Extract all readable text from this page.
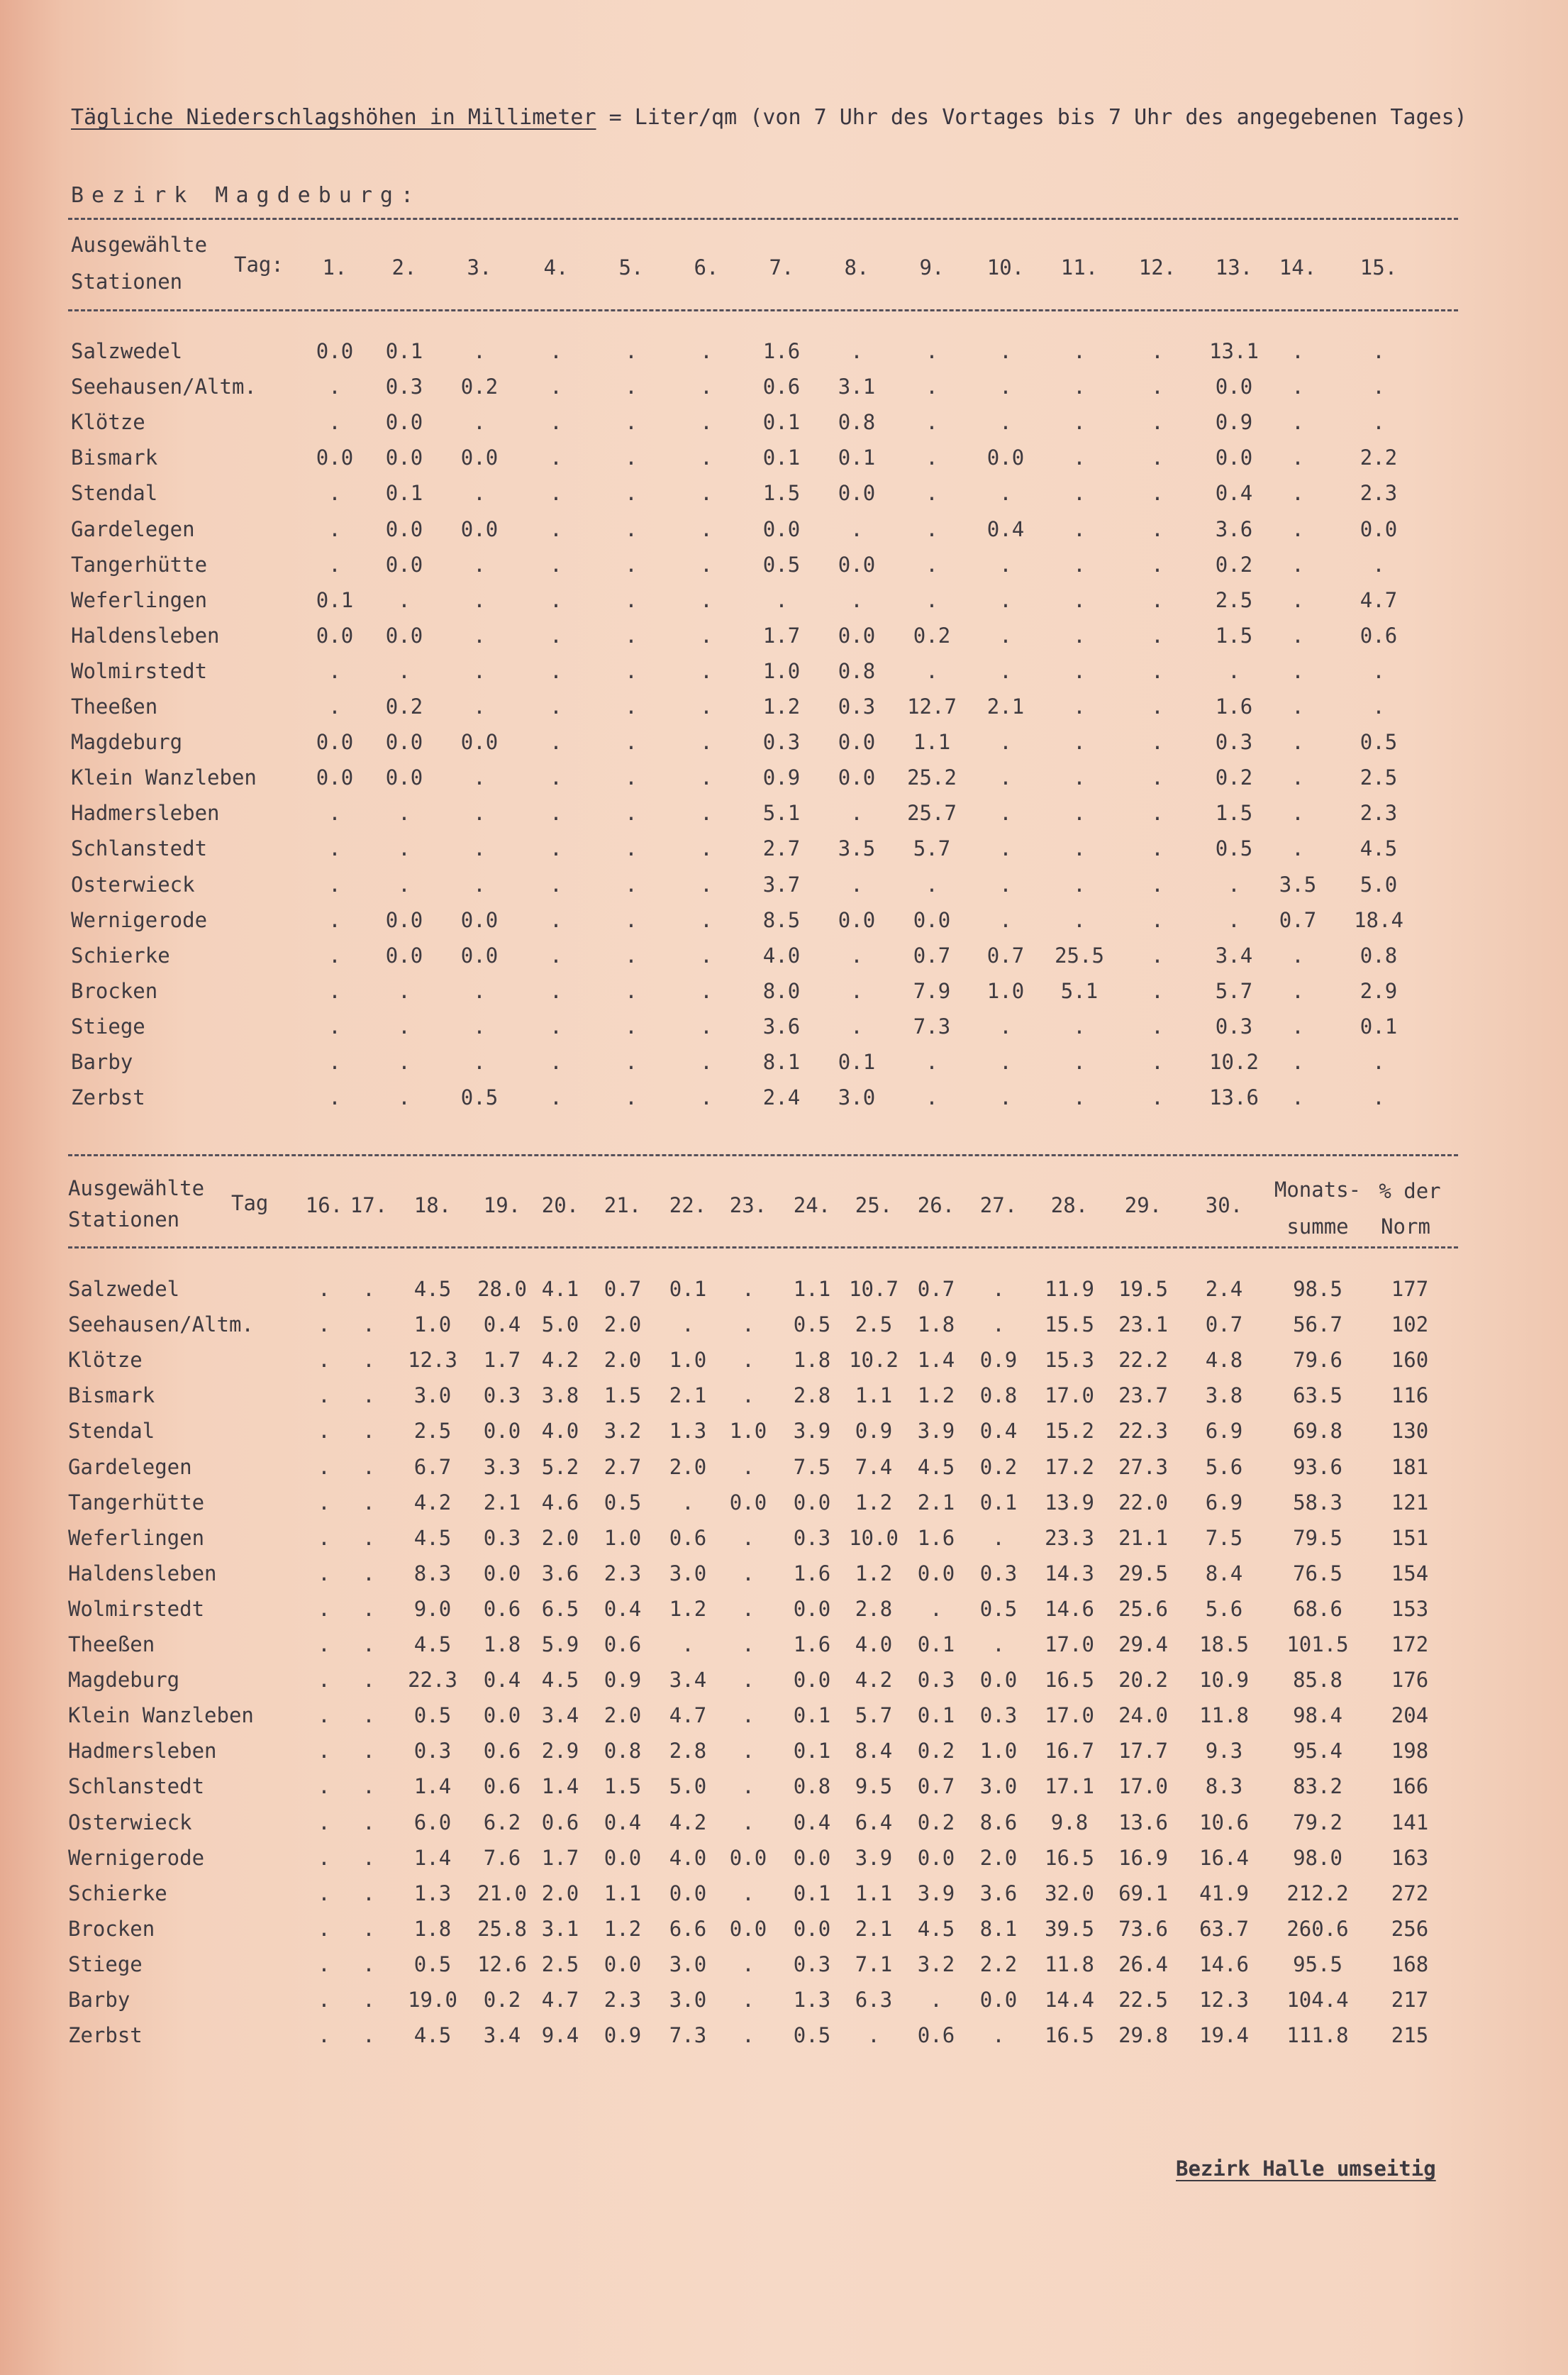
Tägliche Niederschlagshöhen in Millimeter = Liter/qm (von 7 Uhr des Vortages bis 7 Uhr des angegebenen Tages)
Bezirk Magdeburg:
Ausgewählte
Stationen
Tag: 1. 2. 3.	4. 5. 6. 7. 8. 9. 10. 11. 12. 13. 14. 15.
Salzwedel	0.0 0.1 .	.	.	. 1.6 .	.	.	.	. 13.1 .	.
Seehausen/Altm.	. 0.3 0.2	.	.	. 0.6 3.1 .	.	.	.	0.0 .	.
Klötze	. 0.0 .	.	.	. 0.1 0.8 .	.	.	.	0.9 .	.
Bismark	0.0 0.0 0.0	.	.	. 0.1 0.1 . 0.0 .	.	0.0 .	2.2
Stendal	. 0.1 .	.	.	. 1.5 0.0 .	.	.	.	0.4 .	2.3
Gardelegen	. 0.0 0.0	.	.	. 0.0 .	. 0.4 .	.	3.6 .	0.0
Tangerhütte	. 0.0 .	.	.	. 0.5 0.0 .	.	.	.	0.2 .	.
Weferlingen	0.1 .	.	.	.	.	.	.	.	.	.	.	2.5 .	4.7
Haldensleben	0.0 0.0 .	.	.	. 1.7 0.0 0.2 .	.	.	1.5 .	0.6
Wolmirstedt	.	.	.	.	.	. 1.0 0.8 .	.	.	.	.	.	.
Theeßen	. 0.2 .	.	.	. 1.2 0.3 12.7 2.1 .	.	1.6 .	.
Magdeburg	0.0 0.0 0.0	.	.	. 0.3 0.0 1.1 .	.	.	0.3 .	0.5
Klein Wanzleben	0.0 0.0 .	.	.	. 0.9 0.0 25.2 .	.	.	0.2 .	2.5
Hadmersleben	.	.	.	.	.	. 5.1 . 25.7 .	.	.	1.5 .	2.3
Schlanstedt	.	.	.	.	.	. 2.7 3.5 5.7 .	.	.	0.5 .	4.5
Osterwieck	.	.	.	.	.	. 3.7 .	.	.	.	.	. 3.5 5.0
Wernigerode	. 0.0 0.0	.	.	. 8.5 0.0 0.0 .	.	.	. 0.7 18.4
Schierke	. 0.0 0.0	.	.	. 4.0 . 0.7 0.7 25.5 .	3.4 .	0.8
Brocken	.	.	.	.	.	. 8.0 . 7.9 1.0 5.1	.	5.7 .	2.9
Stiege	.	.	.	.	.	. 3.6 . 7.3 .	.	.	0.3 .	0.1
Barby	.	.	.	.	.	. 8.1 0.1 .	.	.	. 10.2 .	.
Zerbst	.	. 0.5	.	.	. 2.4 3.0 .	.	.	. 13.6 .	.
Ausgewählte
Stationen
Tag
Monats-
summe
% der
Norm
16. 17. 18. 19. 20. 21. 22. 23. 24. 25. 26. 27. 28. 29. 30.
Salzwedel	. . 4.5 28.0 4.1 0.7 0.1 . 1.1 10.7 0.7 . 11.9 19.5 2.4 98.5 177
Seehausen/Altm.	. . 1.0 0.4 5.0 2.0 . . 0.5 2.5 1.8 . 15.5 23.1 0.7 56.7 102
Klötze	. . 12.3 1.7 4.2 2.0 1.0 . 1.8 10.2 1.4 0.9 15.3 22.2 4.8 79.6 160
Bismark	. . 3.0 0.3 3.8 1.5 2.1 . 2.8 1.1 1.2 0.8 17.0 23.7 3.8 63.5 116
Stendal	. . 2.5 0.0 4.0 3.2 1.3 1.0 3.9 0.9 3.9 0.4 15.2 22.3 6.9 69.8 130
Gardelegen	. . 6.7 3.3 5.2 2.7 2.0 . 7.5 7.4 4.5 0.2 17.2 27.3 5.6 93.6 181
Tangerhütte	. . 4.2 2.1 4.6 0.5 . 0.0 0.0 1.2 2.1 0.1 13.9 22.0 6.9 58.3 121
Weferlingen	. . 4.5 0.3 2.0 1.0 0.6 . 0.3 10.0 1.6 . 23.3 21.1 7.5 79.5 151
Haldensleben	. . 8.3 0.0 3.6 2.3 3.0 . 1.6 1.2 0.0 0.3 14.3 29.5 8.4 76.5 154
Wolmirstedt	. . 9.0 0.6 6.5 0.4 1.2 . 0.0 2.8 . 0.5 14.6 25.6 5.6 68.6 153
Theeßen	. . 4.5 1.8 5.9 0.6 . . 1.6 4.0 0.1 . 17.0 29.4 18.5 101.5 172
Magdeburg	. . 22.3 0.4 4.5 0.9 3.4 . 0.0 4.2 0.3 0.0 16.5 20.2 10.9 85.8 176
Klein Wanzleben	. . 0.5 0.0 3.4 2.0 4.7 . 0.1 5.7 0.1 0.3 17.0 24.0 11.8 98.4 204
Hadmersleben	. . 0.3 0.6 2.9 0.8 2.8 . 0.1 8.4 0.2 1.0 16.7 17.7 9.3 95.4 198
Schlanstedt	. . 1.4 0.6 1.4 1.5 5.0 . 0.8 9.5 0.7 3.0 17.1 17.0 8.3 83.2 166
Osterwieck	. . 6.0 6.2 0.6 0.4 4.2 . 0.4 6.4 0.2 8.6 9.8 13.6 10.6 79.2 141
Wernigerode	. . 1.4 7.6 1.7 0.0 4.0 0.0 0.0 3.9 0.0 2.0 16.5 16.9 16.4 98.0 163
Schierke	. . 1.3 21.0 2.0 1.1 0.0 . 0.1 1.1 3.9 3.6 32.0 69.1 41.9 212.2 272
Brocken	. . 1.8 25.8 3.1 1.2 6.6 0.0 0.0 2.1 4.5 8.1 39.5 73.6 63.7 260.6 256
Stiege	. . 0.5 12.6 2.5 0.0 3.0 . 0.3 7.1 3.2 2.2 11.8 26.4 14.6 95.5 168
Barby	. . 19.0 0.2 4.7 2.3 3.0 . 1.3 6.3 . 0.0 14.4 22.5 12.3 104.4 217
Zerbst	. . 4.5 3.4 9.4 0.9 7.3 . 0.5 . 0.6 . 16.5 29.8 19.4 111.8 215
Bezirk Halle umseitig
